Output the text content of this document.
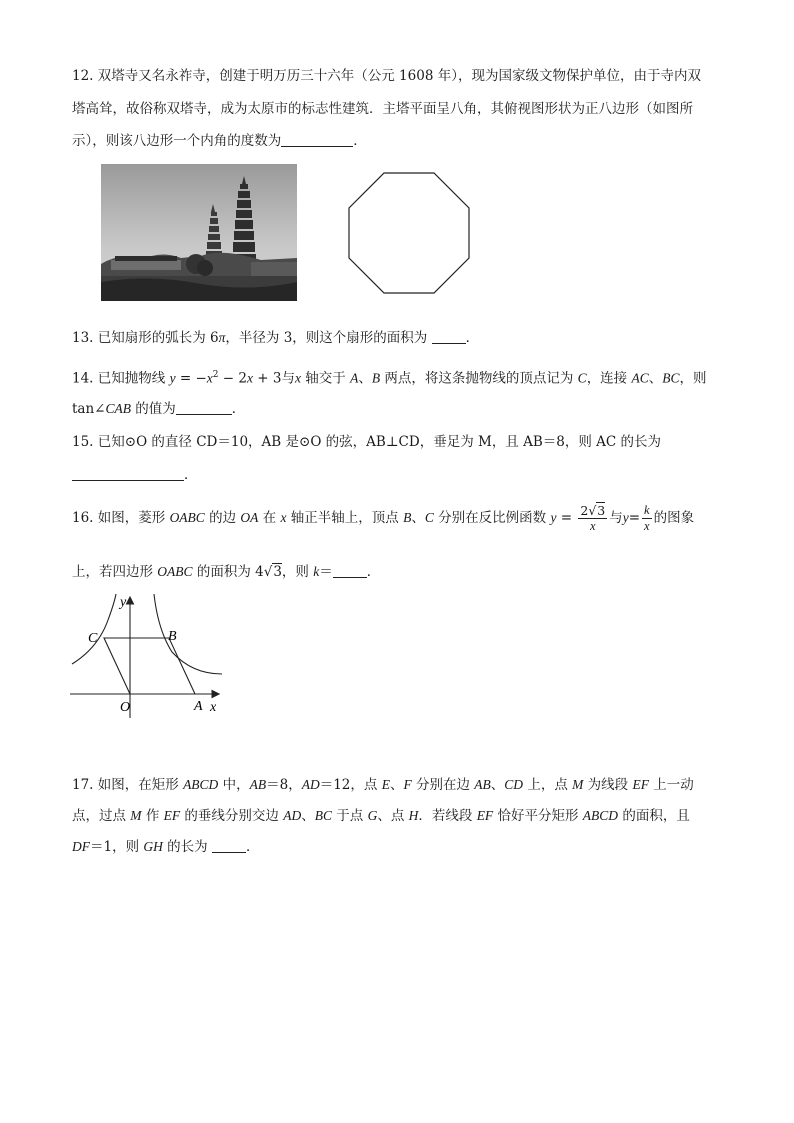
12. 双塔寺又名永祚寺，创建于明万历三十六年（公元 1608 年），现为国家级文物保护单位，由于寺内双
塔高耸，故俗称双塔寺，成为太原市的标志性建筑．主塔平面呈八角，其俯视图形状为正八边形（如图所
示），则该八边形一个内角的度数为	．
13. 已知扇形的弧长为 6π，半径为 3，则这个扇形的面积为	．
14. 已知抛物线 $y = -x^2 - 2x + 3$与x 轴交于 A、B 两点，将这条抛物线的顶点记为 C，连接 AC、BC，则
tan∠CAB 的值为	．
15. 已知⊙O 的直径 CD＝10，AB 是⊙O 的弦，AB⊥CD，垂足为 M，且 AB＝8，则 AC 的长为
．
16. 如图，菱形 OABC 的边 OA 在 x 轴正半轴上，顶点 B、C 分别在反比例函数 $y = \frac{2√3}{x}$ 与$y= \frac{k}{x}$ 的图象
上，若四边形 OABC 的面积为 4√3，则 k＝	．
y
C	B
O	A x
17. 如图，在矩形 ABCD 中，AB＝8，AD＝12，点 E、F 分别在边 AB、CD 上，点 M 为线段 EF 上一动
点，过点 M 作 EF 的垂线分别交边 AD、BC 于点 G、点 H．若线段 EF 恰好平分矩形 ABCD 的面积，且
DF＝1，则 GH 的长为	．
